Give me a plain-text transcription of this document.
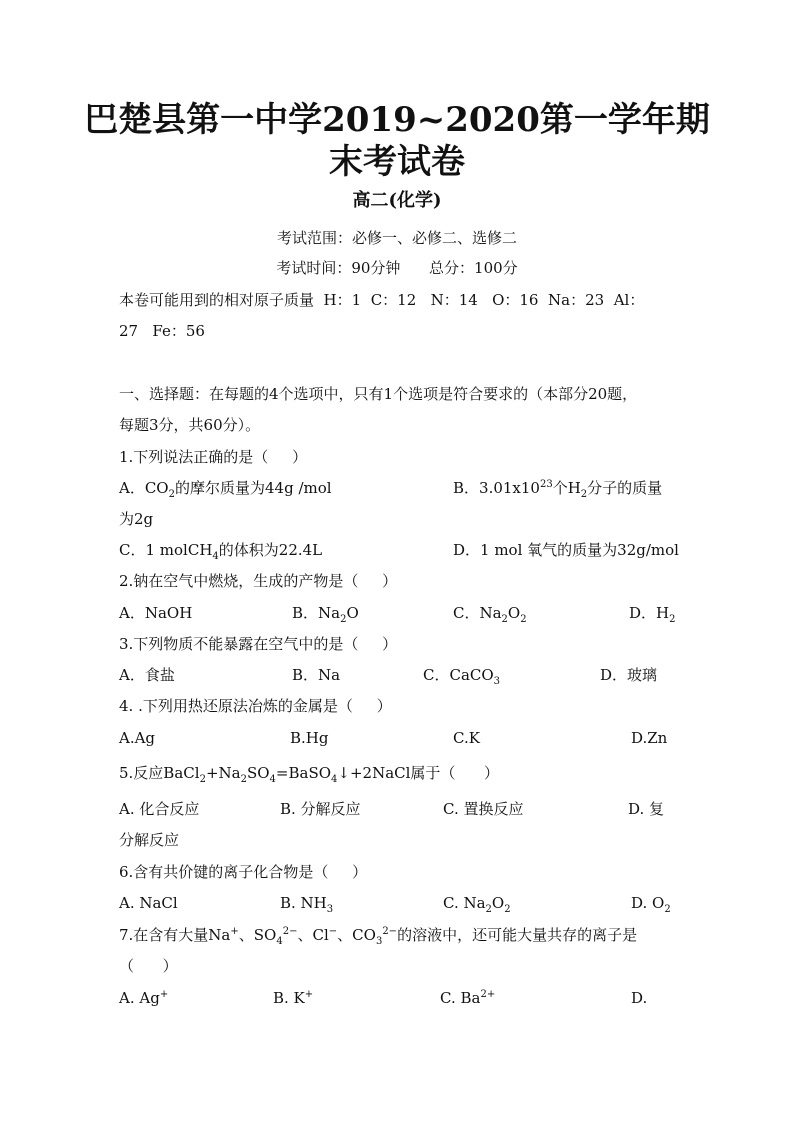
巴楚县第一中学2019~2020第一学年期
末考试卷
高二(化学)
考试范围：必修一、必修二、选修二
考试时间：90分钟      总分：100分
本卷可能用到的相对原子质量  H：1  C：12   N：14   O：16  Na：23  Al：
27   Fe：56
一、选择题：在每题的4个选项中，只有1个选项是符合要求的（本部分20题，
每题3分，共60分）。
1.下列说法正确的是（     ）
A．$CO_2$的摩尔质量为44g /mol	B．$3.01x10^{23}$个$H_2$分子的质量
为2g
C．1 molCH$_4$的体积为22.4L	D．1 mol 氧气的质量为32g/mol
2.钠在空气中燃烧，生成的产物是（     ）
A．NaOH	B．$Na_2O$	C．$Na_2O_2$	D．$H_2$
3.下列物质不能暴露在空气中的是（     ）
A．食盐	B．Na	C．CaCO$_3$	D．玻璃
4. .下列用热还原法冶炼的金属是（     ）
A.Ag	B.Hg	C.K	D.Zn
5.反应$BaCl_2+Na_2SO_4=BaSO_4↓+2NaCl$属于（      ）
A. 化合反应	B. 分解反应	C. 置换反应	D. 复
分解反应
6.含有共价键的离子化合物是（     ）
A. NaCl	B. $NH_3$	C. $Na_2O_2$	D. $O_2$
7.在含有大量Na+、$SO_4^{2-}$、Cl−、$CO_3^{2-}$的溶液中，还可能大量共存的离子是
（      ）
A. Ag+	B. K+	C. $Ba^{2+}$	D.
